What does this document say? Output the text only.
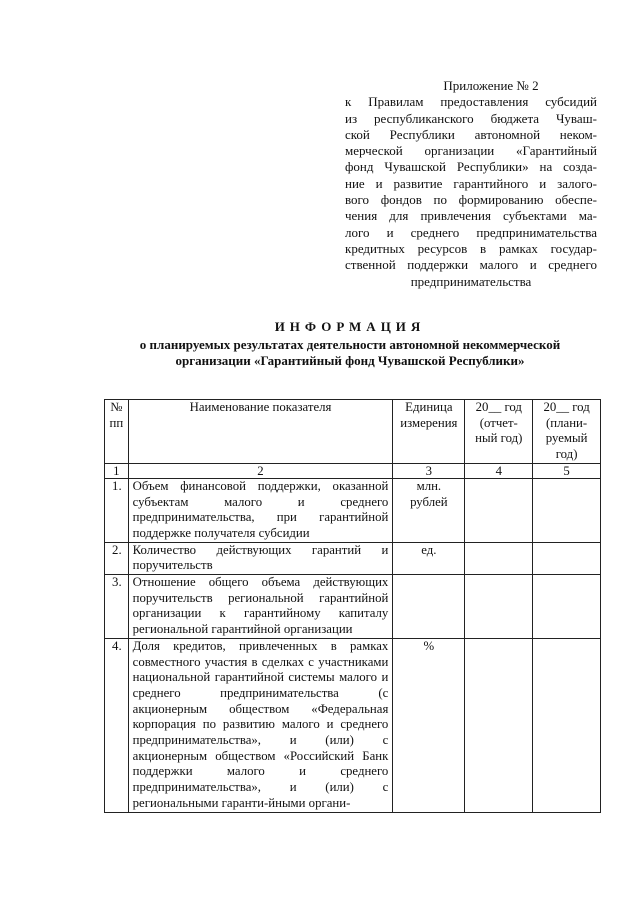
Приложение № 2
к Правилам предоставления субсидий
из республиканского бюджета Чуваш-
ской Республики автономной неком-
мерческой организации «Гарантийный
фонд Чувашской Республики» на созда-
ние и развитие гарантийного и залого-
вого фондов по формированию обеспе-
чения для привлечения субъектами ма-
лого и среднего предпринимательства
кредитных ресурсов в рамках государ-
ственной поддержки малого и среднего
предпринимательства
ИНФОРМАЦИЯ
о планируемых результатах деятельности автономной некоммерческой
организации «Гарантийный фонд Чувашской Республики»
№ пп	Наименование показателя	Единица измерения	20__ год (отчет-ный год)	20__ год (плани-руемый год)
1	2	3	4	5
1.	Объем финансовой поддержки, оказанной субъектам малого и среднего предпринимательства, при гарантийной поддержке получателя субсидии	млн. рублей		
2.	Количество действующих гарантий и поручительств	ед.		
3.	Отношение общего объема действующих поручительств региональной гарантийной организации к гарантийному капиталу региональной гарантийной организации			
4.	Доля кредитов, привлеченных в рамках совместного участия в сделках с участниками национальной гарантийной системы малого и среднего предпринимательства (с акционерным обществом «Федеральная корпорация по развитию малого и среднего предпринимательства», и (или) с акционерным обществом «Российский Банк поддержки малого и среднего предпринимательства», и (или) с региональными гаранти-йными органи-	%		
